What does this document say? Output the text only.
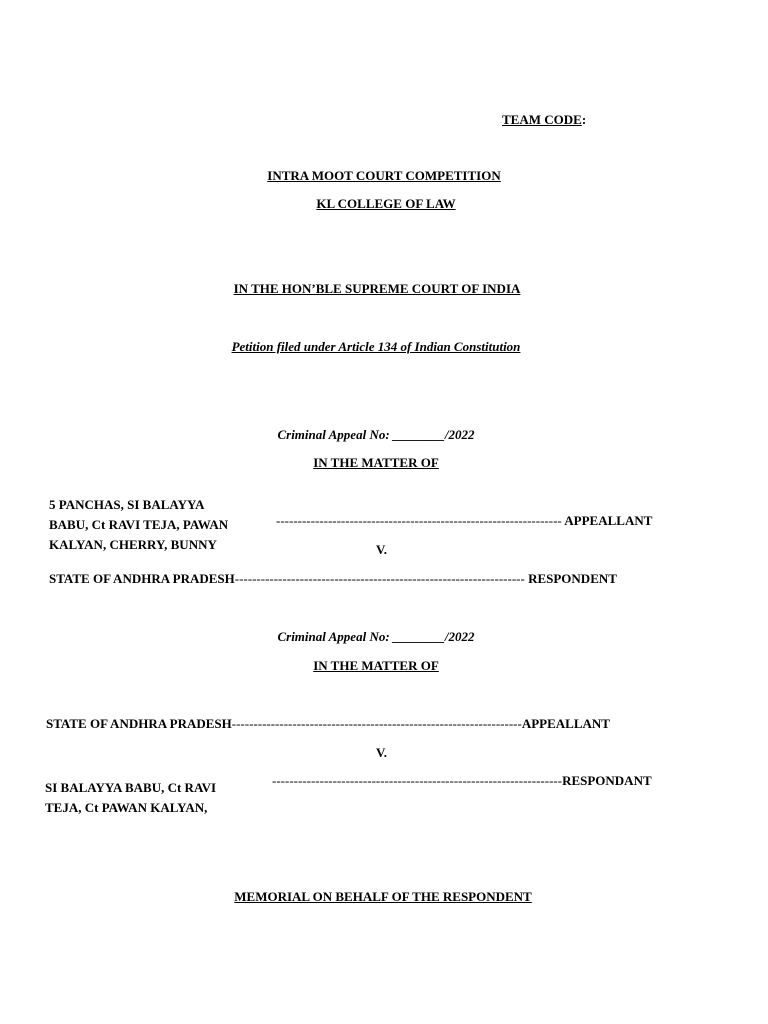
TEAM CODE:
INTRA MOOT COURT COMPETITION
KL COLLEGE OF LAW
IN THE HON’BLE SUPREME COURT OF INDIA
Petition filed under Article 134 of Indian Constitution
Criminal Appeal No: ________/2022
IN THE MATTER OF
5 PANCHAS, SI BALAYYA
BABU, Ct RAVI TEJA, PAWAN
KALYAN, CHERRY, BUNNY
------------------------------------------------------------------ APPEALLANT
V.
STATE OF ANDHRA PRADESH------------------------------------------------------------------- RESPONDENT
Criminal Appeal No: ________/2022
IN THE MATTER OF
STATE OF ANDHRA PRADESH-------------------------------------------------------------------APPEALLANT
V.
SI BALAYYA BABU, Ct RAVI
TEJA, Ct PAWAN KALYAN,
-------------------------------------------------------------------RESPONDANT
MEMORIAL ON BEHALF OF THE RESPONDENT
